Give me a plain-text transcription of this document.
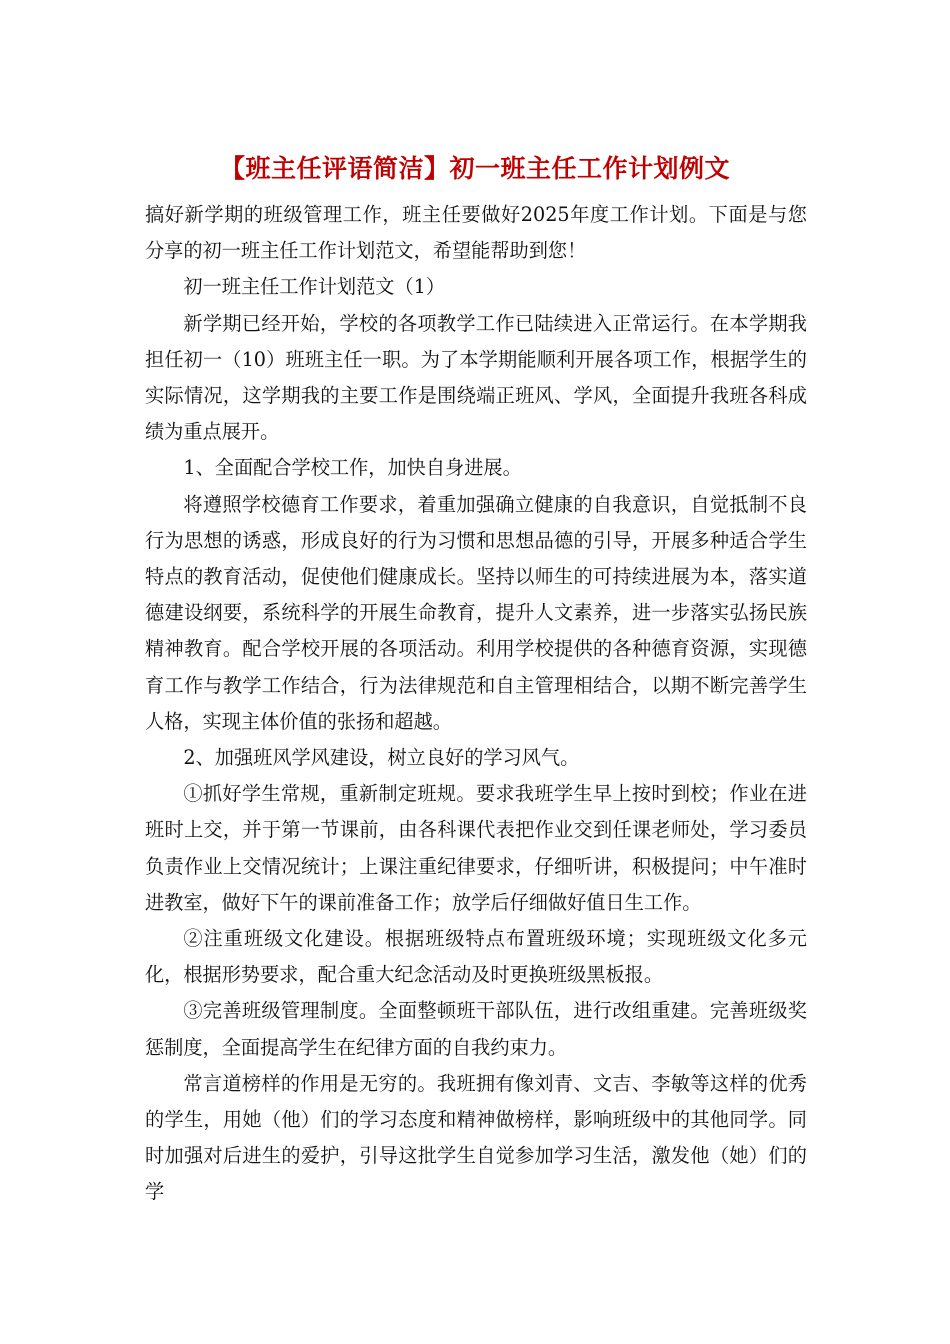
【班主任评语简洁】初一班主任工作计划例文

搞好新学期的班级管理工作，班主任要做好2025年度工作计划。下面是与您分享的初一班主任工作计划范文，希望能帮助到您！

初一班主任工作计划范文（1）

新学期已经开始，学校的各项教学工作已陆续进入正常运行。在本学期我担任初一（10）班班主任一职。为了本学期能顺利开展各项工作，根据学生的实际情况，这学期我的主要工作是围绕端正班风、学风，全面提升我班各科成绩为重点展开。

1、全面配合学校工作，加快自身进展。

将遵照学校德育工作要求，着重加强确立健康的自我意识，自觉抵制不良行为思想的诱惑，形成良好的行为习惯和思想品德的引导，开展多种适合学生特点的教育活动，促使他们健康成长。坚持以师生的可持续进展为本，落实道德建设纲要，系统科学的开展生命教育，提升人文素养，进一步落实弘扬民族精神教育。配合学校开展的各项活动。利用学校提供的各种德育资源，实现德育工作与教学工作结合，行为法律规范和自主管理相结合，以期不断完善学生人格，实现主体价值的张扬和超越。

2、加强班风学风建设，树立良好的学习风气。

①抓好学生常规，重新制定班规。要求我班学生早上按时到校；作业在进班时上交，并于第一节课前，由各科课代表把作业交到任课老师处，学习委员负责作业上交情况统计；上课注重纪律要求，仔细听讲，积极提问；中午准时进教室，做好下午的课前准备工作；放学后仔细做好值日生工作。

②注重班级文化建设。根据班级特点布置班级环境；实现班级文化多元化，根据形势要求，配合重大纪念活动及时更换班级黑板报。

③完善班级管理制度。全面整顿班干部队伍，进行改组重建。完善班级奖惩制度，全面提高学生在纪律方面的自我约束力。

常言道榜样的作用是无穷的。我班拥有像刘青、文吉、李敏等这样的优秀的学生，用她（他）们的学习态度和精神做榜样，影响班级中的其他同学。同时加强对后进生的爱护，引导这批学生自觉参加学习生活，激发他（她）们的学
